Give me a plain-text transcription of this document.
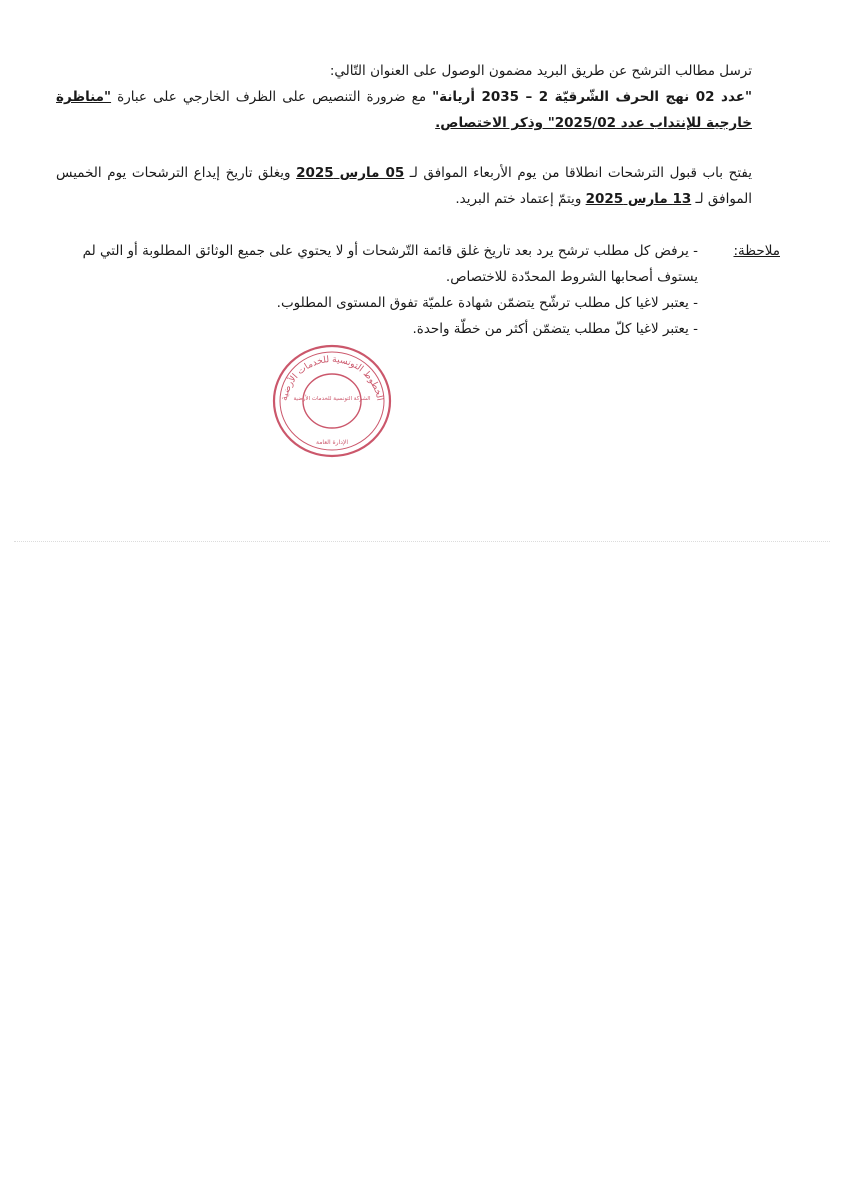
ترسل مطالب الترشح عن طريق البريد مضمون الوصول على العنوان التّالي:
"عدد 02 نهج الحرف الشّرقيّة 2 – 2035 أريانة" مع ضرورة التنصيص على الظرف الخارجي على عبارة "مناظرة خارجية للإنتداب عدد 2025/02" وذكر الاختصاص.
يفتح باب قبول الترشحات انطلاقا من يوم الأربعاء الموافق لـ 05 مارس 2025 ويغلق تاريخ إيداع الترشحات يوم الخميس الموافق لـ 13 مارس 2025 ويتمّ إعتماد ختم البريد.
ملاحظة:

- يرفض كل مطلب ترشح يرد بعد تاريخ غلق قائمة التّرشحات أو لا يحتوي على جميع الوثائق المطلوبة أو التي لم يستوف أصحابها الشروط المحدّدة للاختصاص.

- يعتبر لاغيا كل مطلب ترشّح يتضمّن شهادة علميّة تفوق المستوى المطلوب.

- يعتبر لاغيا كلّ مطلب يتضمّن أكثر من خطّة واحدة.

الخطوط التونسية للخدمات الأرضية
الشركة التونسية للخدمات الأرضية
الإدارة العامة
